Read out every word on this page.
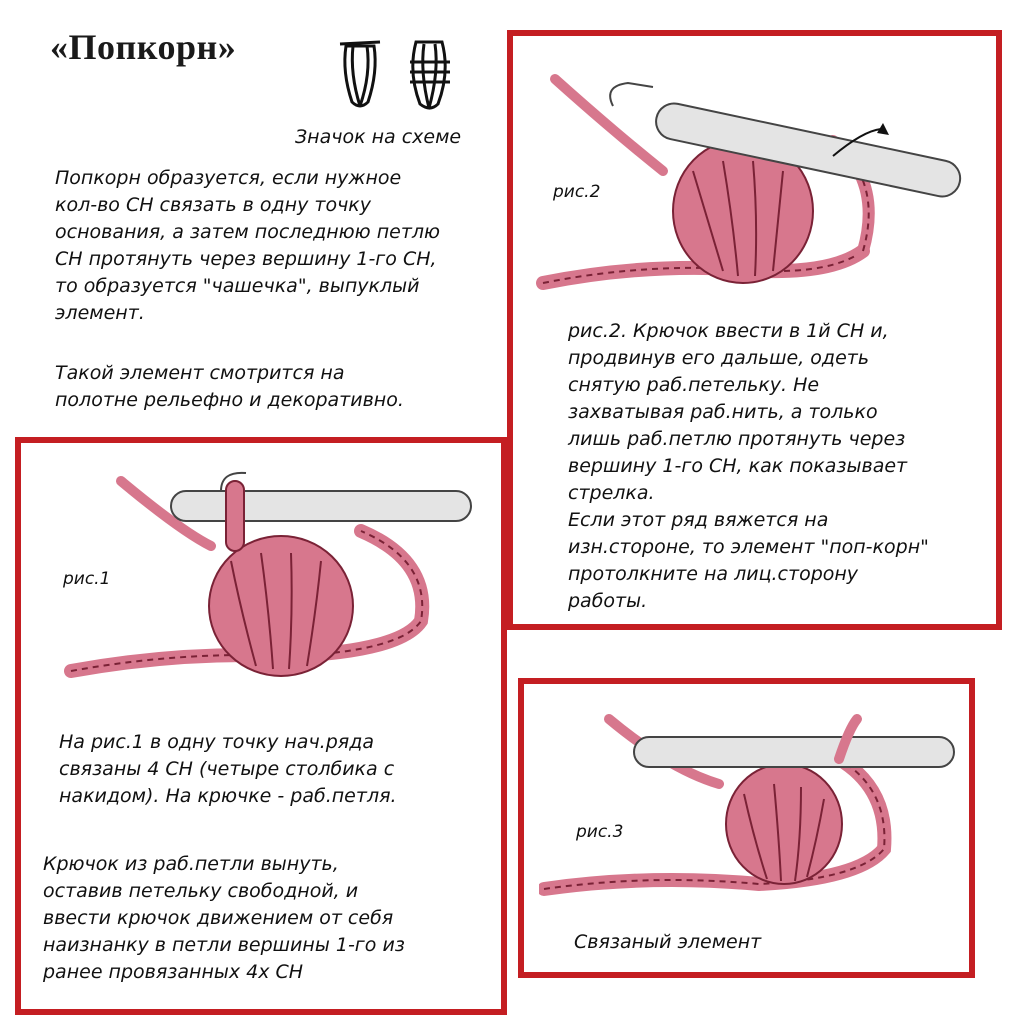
«Попкорн»
Значок на схеме

Попкорн образуется, если нужное
кол-во СН связать в одну точку
основания, а затем последнюю петлю
СН протянуть через вершину 1-го СН,
то образуется "чашечка", выпуклый
элемент.

Такой элемент смотрится на
полотне рельефно и декоративно.

рис.2

рис.2. Крючок ввести в 1й СН и,
продвинув его дальше, одеть
снятую раб.петельку. Не
захватывая раб.нить, а только
лишь раб.петлю протянуть через
вершину 1-го СН, как показывает
стрелка.
Если этот ряд вяжется на
изн.стороне, то элемент "поп-корн"
протолкните на лиц.сторону
работы.

рис.1

На рис.1 в одну точку нач.ряда
связаны 4 СН (четыре столбика с
накидом). На крючке - раб.петля.

Крючок из раб.петли вынуть,
оставив петельку свободной, и
ввести крючок движением от себя
наизнанку в петли вершины 1-го из
ранее провязанных 4х СН

рис.3
Связаный элемент
